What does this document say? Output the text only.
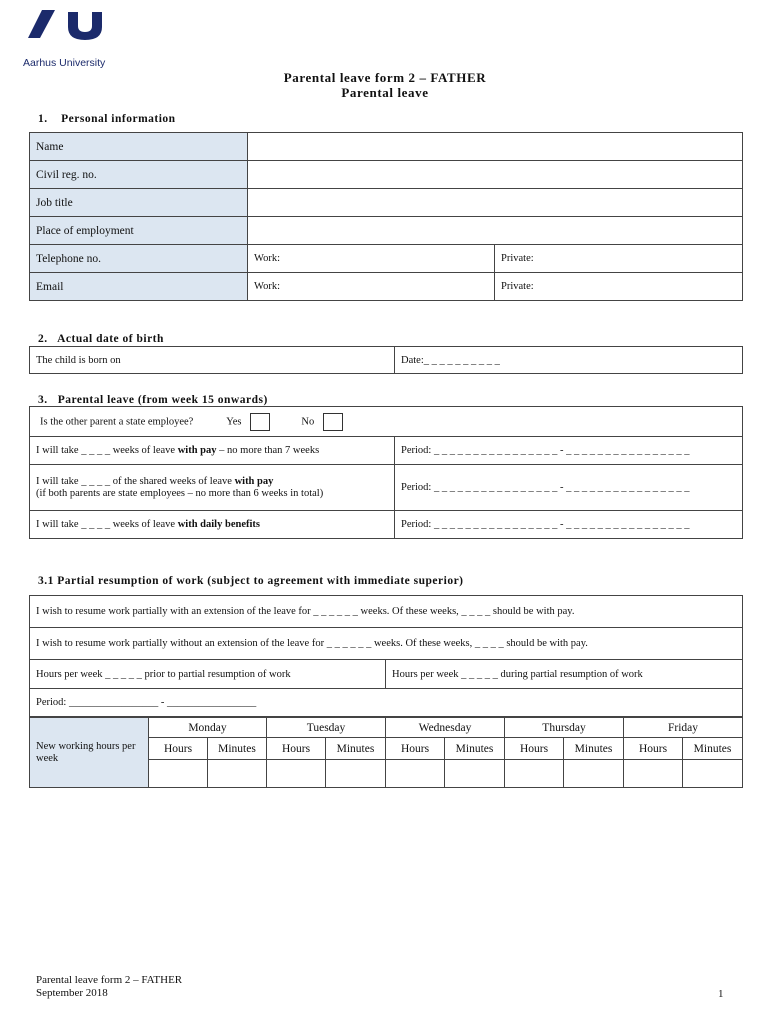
Aarhus University
Parental leave form 2 – FATHER
Parental leave
1.    Personal information
Name		
Civil reg. no.		
Job title		
Place of employment		
Telephone no.	Work:	Private:
Email	Work:	Private:
2.   Actual date of birth
The child is born on	Date:_ _ _ _ _ _ _ _ _ _
3.   Parental leave (from week 15 onwards)
Is the other parent a state employee? Yes No	
I will take _ _ _ _ weeks of leave with pay – no more than 7 weeks	Period: _ _ _ _ _ _ _ _ _ _ _ _ _ _ _ _ - _ _ _ _ _ _ _ _ _ _ _ _ _ _ _ _
I will take _ _ _ _ of the shared weeks of leave with pay
(if both parents are state employees – no more than 6 weeks in total)	Period: _ _ _ _ _ _ _ _ _ _ _ _ _ _ _ _ - _ _ _ _ _ _ _ _ _ _ _ _ _ _ _ _
I will take _ _ _ _ weeks of leave with daily benefits	Period: _ _ _ _ _ _ _ _ _ _ _ _ _ _ _ _ - _ _ _ _ _ _ _ _ _ _ _ _ _ _ _ _
3.1 Partial resumption of work (subject to agreement with immediate superior)
I wish to resume work partially with an extension of the leave for _ _ _ _ _ _ weeks. Of these weeks, _ _ _ _ should be with pay.
I wish to resume work partially without an extension of the leave for _ _ _ _ _ _ weeks. Of these weeks, _ _ _ _ should be with pay.
Hours per week _ _ _ _ _ prior to partial resumption of work	Hours per week _ _ _ _ _ during partial resumption of work
Period: _________________ - _________________
New working hours per week	Monday		Tuesday		Wednesday		Thursday		Friday	
	Hours	Minutes	Hours	Minutes	Hours	Minutes	Hours	Minutes	Hours	Minutes

Parental leave form 2 – FATHER
September 2018	1
